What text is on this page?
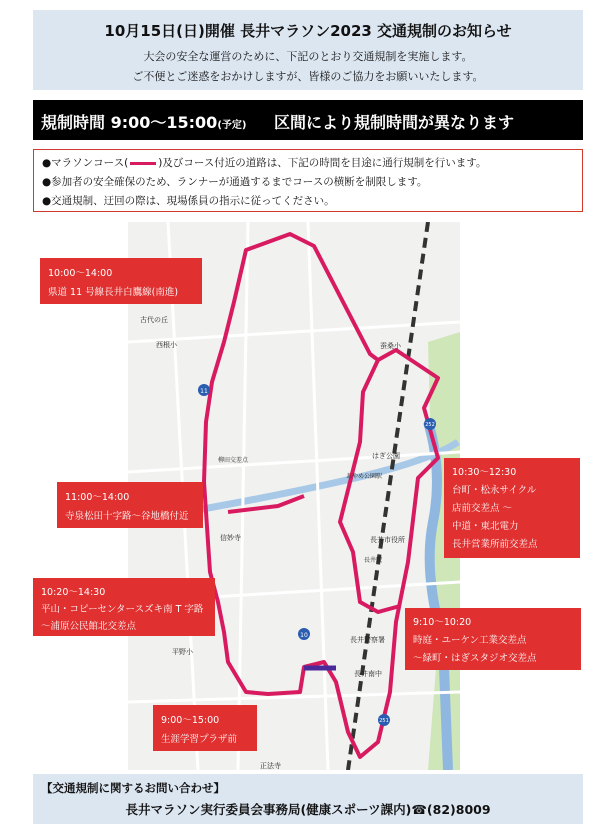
10月15日(日)開催 長井マラソン2023 交通規制のお知らせ
大会の安全な運営のために、下記のとおり交通規制を実施します。
ご不便とご迷惑をおかけしますが、皆様のご協力をお願いいたします。
規制時間 9:00～15:00(予定) 区間により規制時間が異なります
●マラソンコース(	)及びコース付近の道路は、下記の時間を目途に通行規制を行います。
●参加者の安全確保のため、ランナーが通過するまでコースの横断を制限します。
●交通規制、迂回の際は、現場係員の指示に従ってください。
古代の丘
西根小
柳田交差点
信妙寺
平野小
蚕桑小
はぎ公園
長井市役所
長井警察署
長井南中
正法寺
あやめ公園駅
長井駅
11
10
252
251
10:00～14:00
県道 11 号線長井白鷹線(南進)
11:00～14:00
寺泉松田十字路～谷地橋付近
10:20～14:30
平山・コピーセンタースズキ南 T 字路
～浦原公民館北交差点
9:00～15:00
生涯学習プラザ前
10:30～12:30
台町・松永サイクル
店前交差点 ～
中道・東北電力
長井営業所前交差点
9:10～10:20
時庭・ユーケン工業交差点
～緑町・はぎスタジオ交差点
【交通規制に関するお問い合わせ】
長井マラソン実行委員会事務局(健康スポーツ課内)☎(82)8009
